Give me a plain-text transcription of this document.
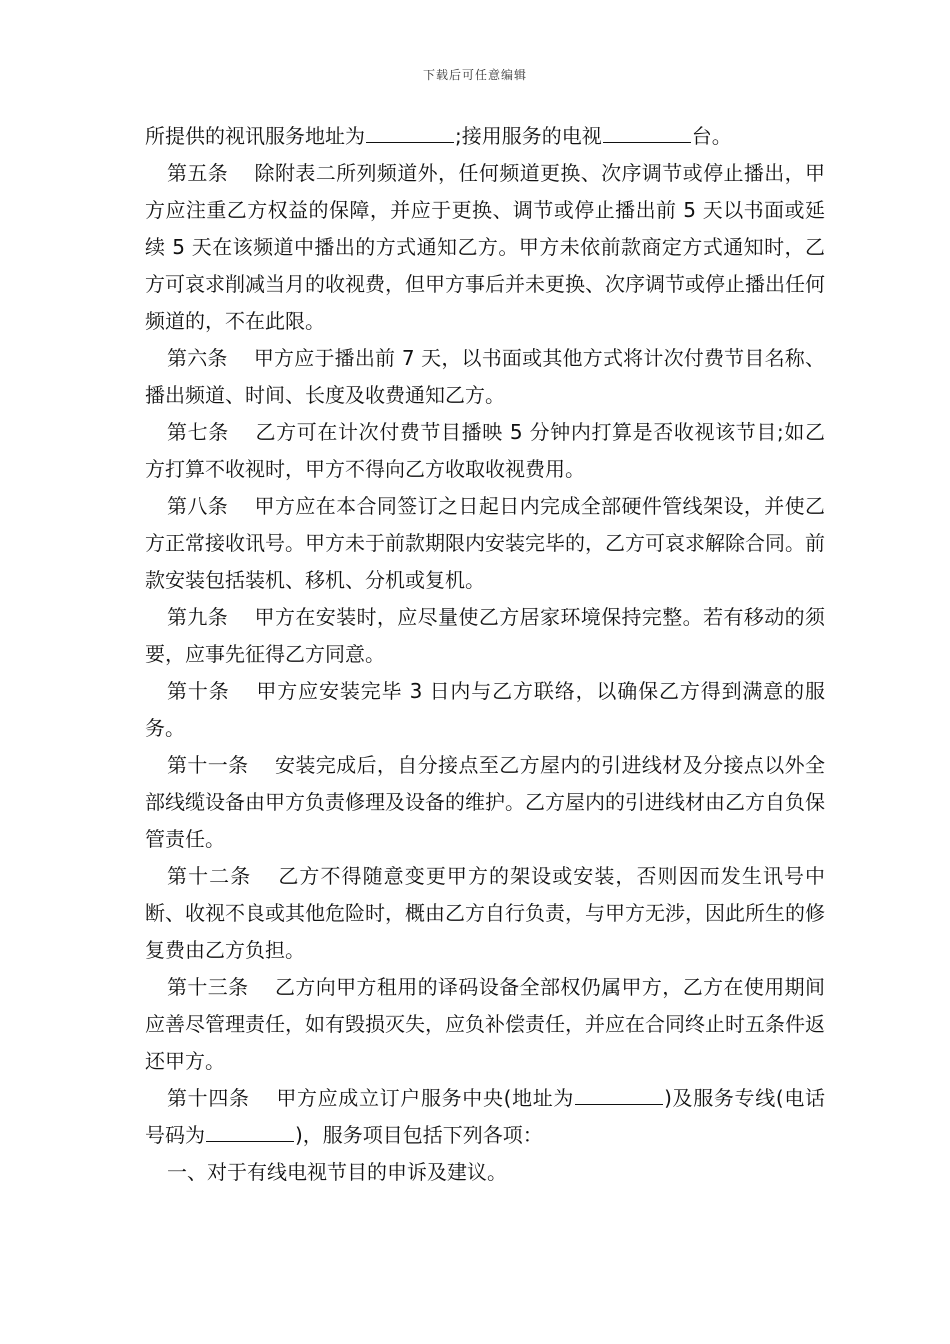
下载后可任意编辑

所提供的视讯服务地址为	;接用服务的电视	台。

第五条 除附表二所列频道外，任何频道更换、次序调节或停止播出，甲方应注重乙方权益的保障，并应于更换、调节或停止播出前 5 天以书面或延续 5 天在该频道中播出的方式通知乙方。甲方未依前款商定方式通知时，乙方可哀求削减当月的收视费，但甲方事后并未更换、次序调节或停止播出任何频道的，不在此限。

第六条 甲方应于播出前 7 天，以书面或其他方式将计次付费节目名称、播出频道、时间、长度及收费通知乙方。

第七条 乙方可在计次付费节目播映 5 分钟内打算是否收视该节目;如乙方打算不收视时，甲方不得向乙方收取收视费用。

第八条 甲方应在本合同签订之日起日内完成全部硬件管线架设，并使乙方正常接收讯号。甲方未于前款期限内安装完毕的，乙方可哀求解除合同。前款安装包括装机、移机、分机或复机。

第九条 甲方在安装时，应尽量使乙方居家环境保持完整。若有移动的须要，应事先征得乙方同意。

第十条 甲方应安装完毕 3 日内与乙方联络，以确保乙方得到满意的服务。

第十一条 安装完成后，自分接点至乙方屋内的引进线材及分接点以外全部线缆设备由甲方负责修理及设备的维护。乙方屋内的引进线材由乙方自负保管责任。

第十二条 乙方不得随意变更甲方的架设或安装，否则因而发生讯号中断、收视不良或其他危险时，概由乙方自行负责，与甲方无涉，因此所生的修复费由乙方负担。

第十三条 乙方向甲方租用的译码设备全部权仍属甲方，乙方在使用期间应善尽管理责任，如有毁损灭失，应负补偿责任，并应在合同终止时五条件返还甲方。

第十四条 甲方应成立订户服务中央(地址为	)及服务专线(电话号码为	)，服务项目包括下列各项：

一、对于有线电视节目的申诉及建议。
